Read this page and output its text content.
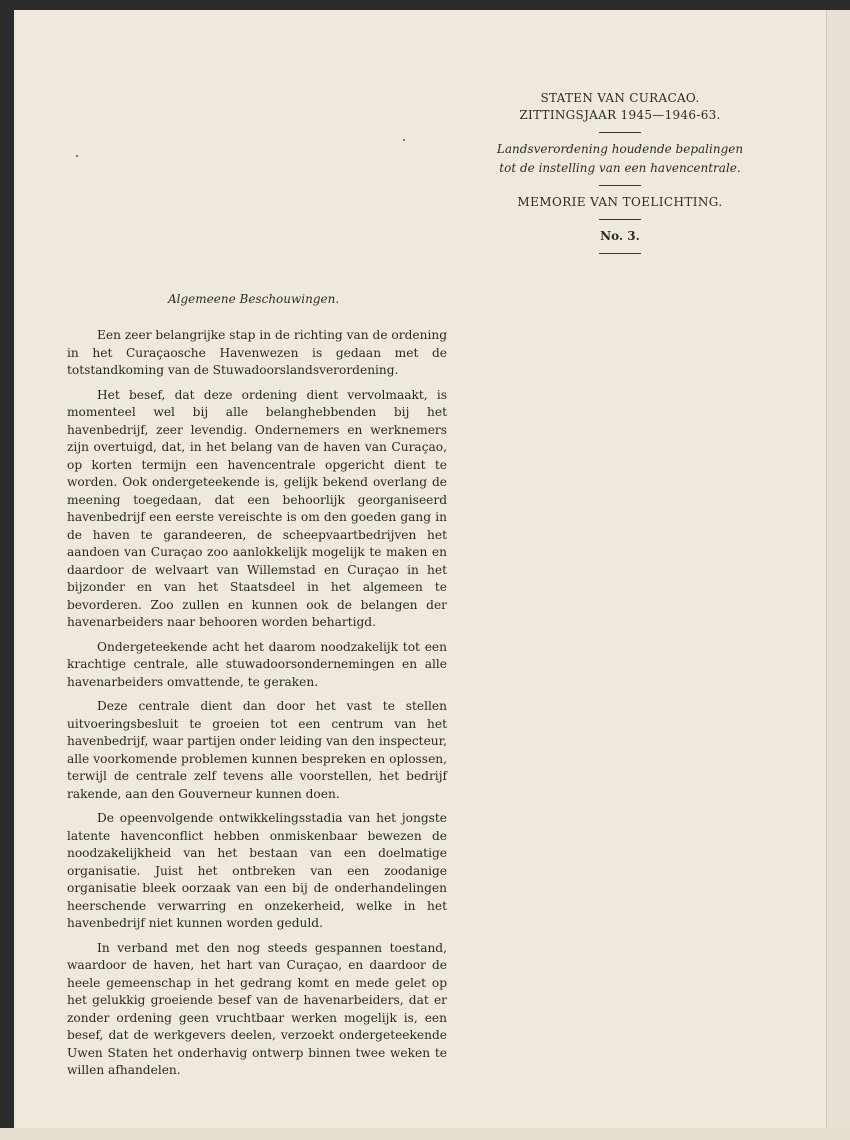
STATEN VAN CURACAO.
ZITTINGSJAAR 1945—1946-63.
Landsverordening houdende bepalingen
tot de instelling van een havencentrale.
MEMORIE VAN TOELICHTING.
No. 3.
Algemeene Beschouwingen.

Een zeer belangrijke stap in de richting van de ordening in het Curaçaosche Havenwezen is gedaan met de totstandkoming van de Stuwadoorslandsverordening.

Het besef, dat deze ordening dient vervolmaakt, is momenteel wel bij alle belanghebbenden bij het havenbedrijf, zeer levendig. Ondernemers en werknemers zijn overtuigd, dat, in het belang van de haven van Curaçao, op korten termijn een havencentrale opgericht dient te worden. Ook ondergeteekende is, gelijk bekend overlang de meening toegedaan, dat een behoorlijk georganiseerd havenbedrijf een eerste vereischte is om den goeden gang in de haven te garandeeren, de scheepvaartbedrijven het aandoen van Curaçao zoo aanlokkelijk mogelijk te maken en daardoor de welvaart van Willemstad en Curaçao in het bijzonder en van het Staatsdeel in het algemeen te bevorderen. Zoo zullen en kunnen ook de belangen der havenarbeiders naar behooren worden behartigd.

Ondergeteekende acht het daarom noodzakelijk tot een krachtige centrale, alle stuwadoorsondernemingen en alle havenarbeiders omvattende, te geraken.

Deze centrale dient dan door het vast te stellen uitvoeringsbesluit te groeien tot een centrum van het havenbedrijf, waar partijen onder leiding van den inspecteur, alle voorkomende problemen kunnen bespreken en oplossen, terwijl de centrale zelf tevens alle voorstellen, het bedrijf rakende, aan den Gouverneur kunnen doen.

De opeenvolgende ontwikkelingsstadia van het jongste latente havenconflict hebben onmiskenbaar bewezen de noodzakelijkheid van het bestaan van een doelmatige organisatie. Juist het ontbreken van een zoodanige organisatie bleek oorzaak van een bij de onderhandelingen heerschende verwarring en onzekerheid, welke in het havenbedrijf niet kunnen worden geduld.

In verband met den nog steeds gespannen toestand, waardoor de haven, het hart van Curaçao, en daardoor de heele gemeenschap in het gedrang komt en mede gelet op het gelukkig groeiende besef van de havenarbeiders, dat er zonder ordening geen vruchtbaar werken mogelijk is, een besef, dat de werkgevers deelen, verzoekt ondergeteekende Uwen Staten het onderhavig ontwerp binnen twee weken te willen afhandelen.
